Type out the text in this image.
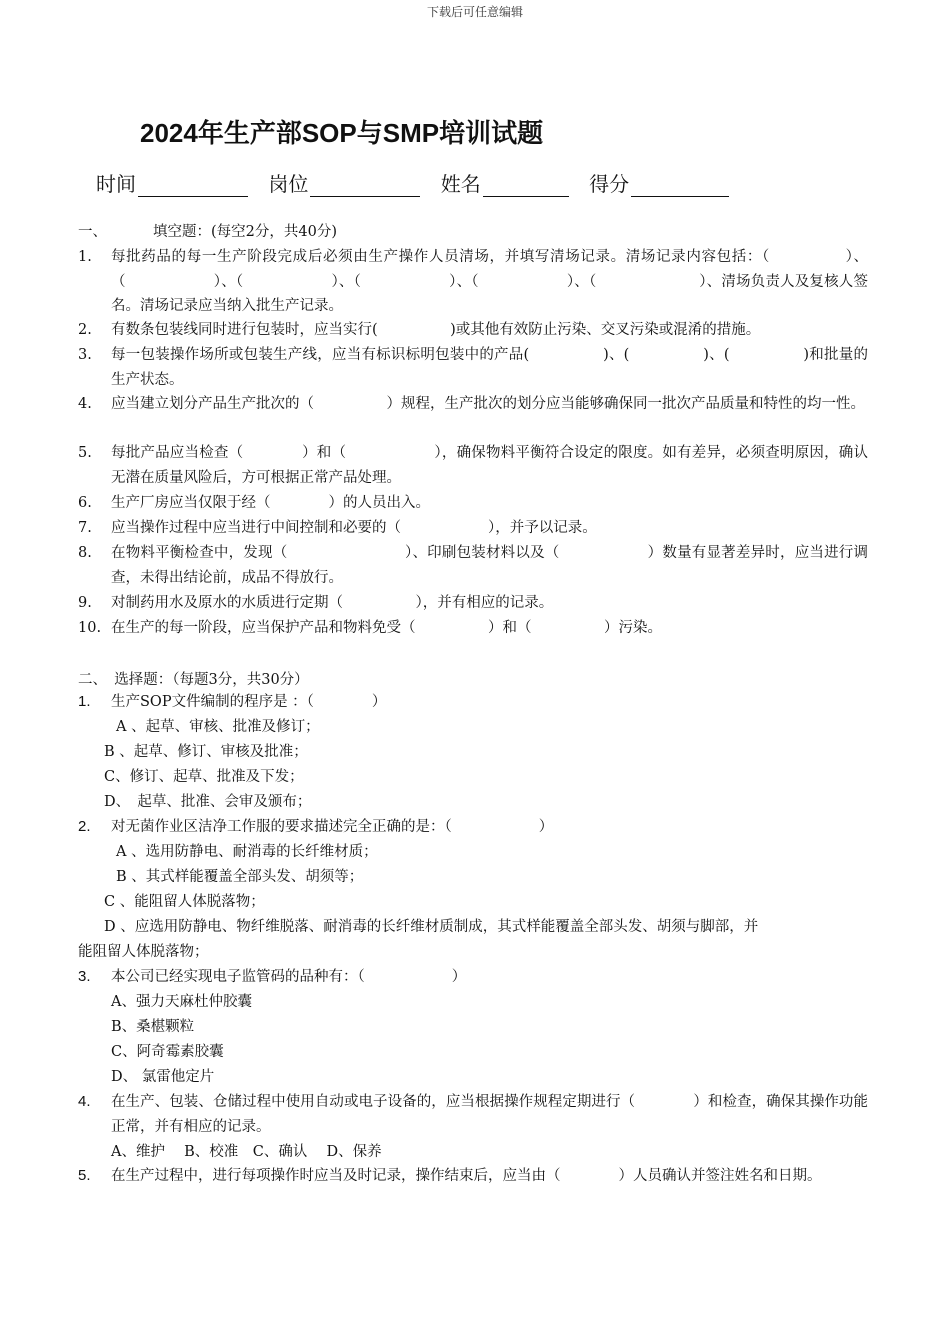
下载后可任意编辑
2024年生产部SOP与SMP培训试题
时间	岗位	姓名	得分
一、	填空题：(每空2分，共40分)
1.	每批药品的每一生产阶段完成后必须由生产操作人员清场，并填写清场记录。清场记录内容包括：（　　　　　）、（　　　　　　）、（　　　　　　）、（　　　　　　）、（　　　　　　）、（　　　　　　　）、清场负责人及复核人签名。清场记录应当纳入批生产记录。
2.	有数条包装线同时进行包装时，应当实行(　　　　　)或其他有效防止污染、交叉污染或混淆的措施。
3.	每一包装操作场所或包装生产线，应当有标识标明包装中的产品(　　　　　)、(　　　　　)、(　　　　　)和批量的生产状态。
4.	应当建立划分产品生产批次的（　　　　　）规程，生产批次的划分应当能够确保同一批次产品质量和特性的均一性。
5.	每批产品应当检查（　　　　）和（　　　　　　），确保物料平衡符合设定的限度。如有差异，必须查明原因，确认无潜在质量风险后，方可根据正常产品处理。
6.	生产厂房应当仅限于经（　　　　）的人员出入。
7.	应当操作过程中应当进行中间控制和必要的（　　　　　　），并予以记录。
8.	在物料平衡检查中，发现（　　　　　　　　）、印刷包装材料以及（　　　　　　）数量有显著差异时，应当进行调查，未得出结论前，成品不得放行。
9.	对制药用水及原水的水质进行定期（　　　　　），并有相应的记录。
10. 在生产的每一阶段，应当保护产品和物料免受（　　　　　）和（　　　　　）污染。
二、　选择题：（每题3分，共30分）
1.	生产SOP文件编制的程序是 ：（　　　　）
A 、起草、审核、批准及修订；
B 、起草、修订、审核及批准；
C、修订、起草、批准及下发；
D、　起草、批准、会审及颁布；
2.	对无菌作业区洁净工作服的要求描述完全正确的是：（　　　　　　）
A 、选用防静电、耐消毒的长纤维材质；
B 、其式样能覆盖全部头发、胡须等；
C 、能阻留人体脱落物；
D 、应选用防静电、物纤维脱落、耐消毒的长纤维材质制成，其式样能覆盖全部头发、胡须与脚部，并
能阻留人体脱落物；
3.	本公司已经实现电子监管码的品种有：（　　　　　　）
A、强力天麻杜仲胶囊
B、桑椹颗粒
C、阿奇霉素胶囊
D、 氯雷他定片
4.	在生产、包装、仓储过程中使用自动或电子设备的，应当根据操作规程定期进行（　　　　）和检查，确保其操作功能正常，并有相应的记录。
A、维护　 B、校准　C、确认　 D、保养
5.	在生产过程中，进行每项操作时应当及时记录，操作结束后，应当由（　　　　）人员确认并签注姓名和日期。
